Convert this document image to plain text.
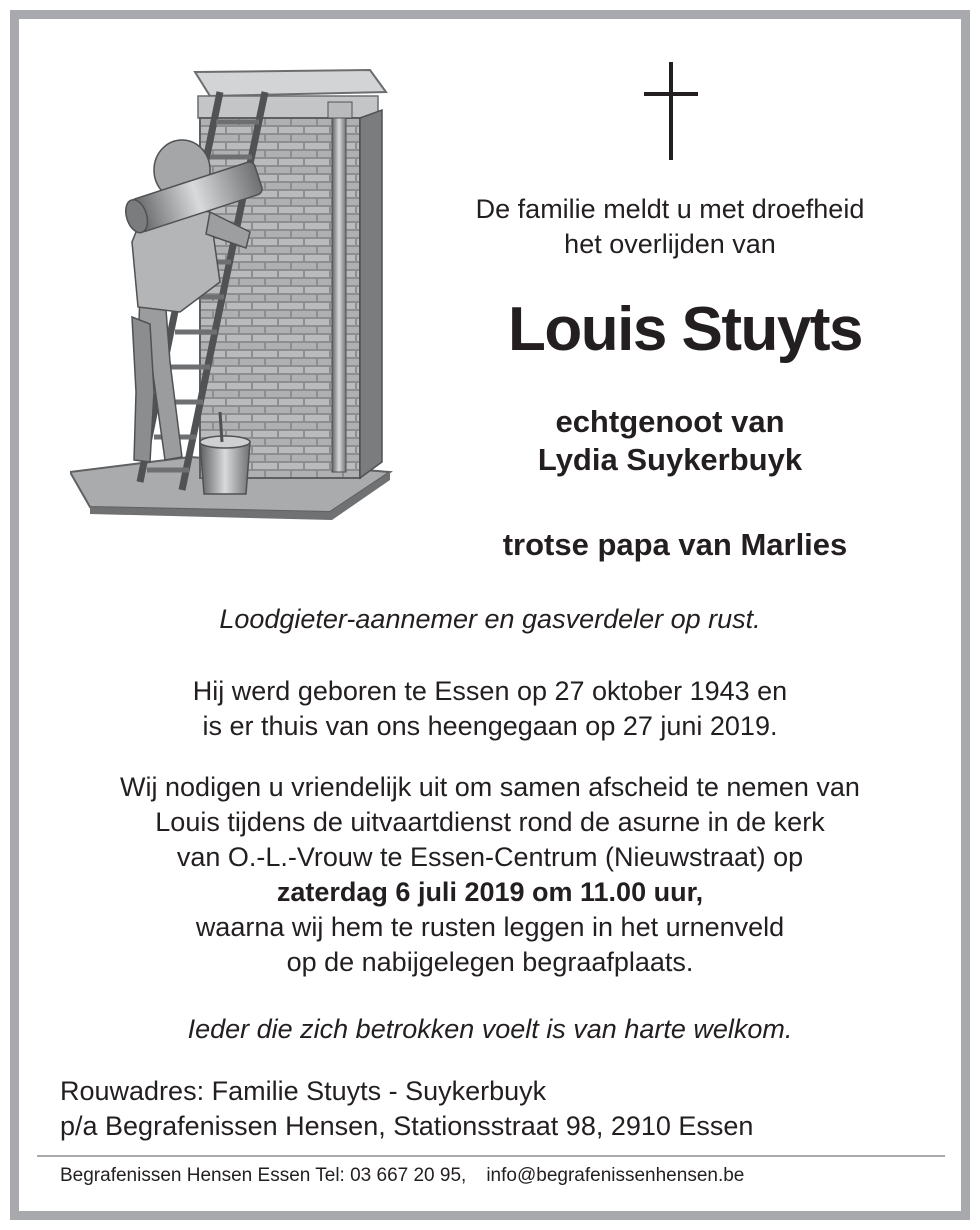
De familie meldt u met droefheid
het overlijden van
Louis Stuyts
echtgenoot van
Lydia Suykerbuyk
trotse papa van Marlies
Loodgieter-aannemer en gasverdeler op rust.
Hij werd geboren te Essen op 27 oktober 1943 en
is er thuis van ons heengegaan op 27 juni 2019.
Wij nodigen u vriendelijk uit om samen afscheid te nemen van
Louis tijdens de uitvaartdienst rond de asurne in de kerk
van O.-L.-Vrouw te Essen-Centrum (Nieuwstraat) op
zaterdag 6 juli 2019 om 11.00 uur,
waarna wij hem te rusten leggen in het urnenveld
op de nabijgelegen begraafplaats.
Ieder die zich betrokken voelt is van harte welkom.
Rouwadres: Familie Stuyts - Suykerbuyk
p/a Begrafenissen Hensen, Stationsstraat 98, 2910 Essen
Begrafenissen Hensen Essen Tel: 03 667 20 95, info@begrafenissenhensen.be
